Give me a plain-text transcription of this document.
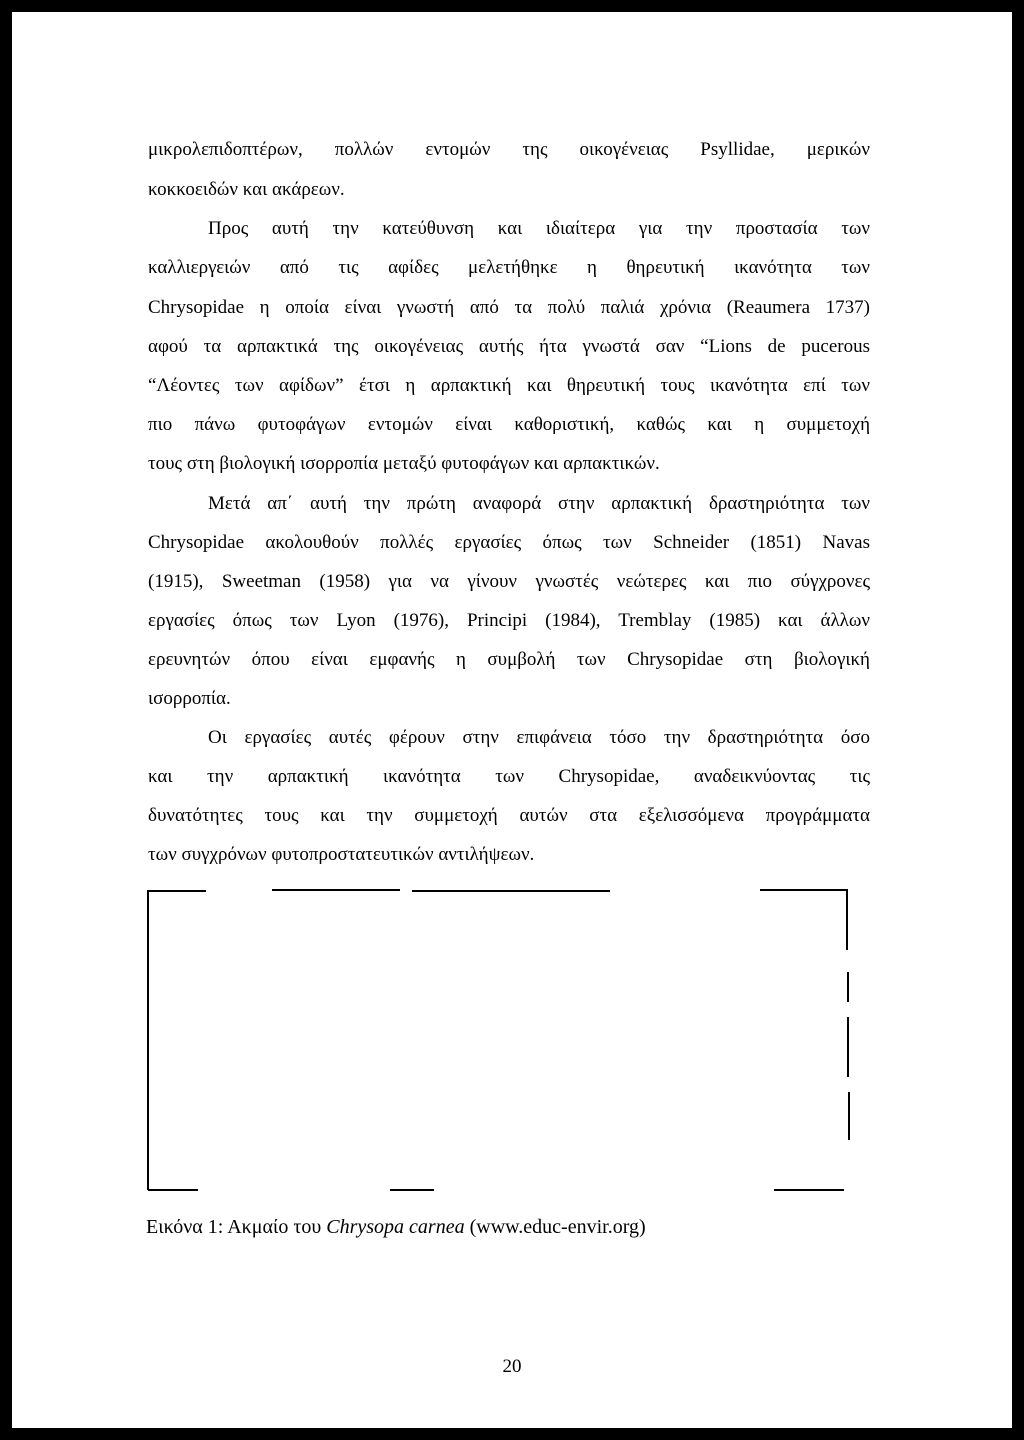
μικρολεπιδοπτέρων, πολλών εντομών της οικογένειας Psyllidae, μερικών
κοκκοειδών και ακάρεων.
Προς αυτή την κατεύθυνση και ιδιαίτερα για την προστασία των
καλλιεργειών από τις αφίδες μελετήθηκε η θηρευτική ικανότητα των
Chrysopidae η οποία είναι γνωστή από τα πολύ παλιά χρόνια (Reaumera 1737)
αφού τα αρπακτικά της οικογένειας αυτής ήτα γνωστά σαν “Lions de pucerous
“Λέοντες των αφίδων” έτσι η αρπακτική και θηρευτική τους ικανότητα επί των
πιο πάνω φυτοφάγων εντομών είναι καθοριστική, καθώς και η συμμετοχή
τους στη βιολογική ισορροπία μεταξύ φυτοφάγων και αρπακτικών.
Μετά απ΄ αυτή την πρώτη αναφορά στην αρπακτική δραστηριότητα των
Chrysopidae ακολουθούν πολλές εργασίες όπως των Schneider (1851) Navas
(1915), Sweetman (1958) για να γίνουν γνωστές νεώτερες και πιο σύγχρονες
εργασίες όπως των Lyon (1976), Principi (1984), Tremblay (1985) και άλλων
ερευνητών όπου είναι εμφανής η συμβολή των Chrysopidae στη βιολογική
ισορροπία.
Οι εργασίες αυτές φέρουν στην επιφάνεια τόσο την δραστηριότητα όσο
και την αρπακτική ικανότητα των Chrysopidae, αναδεικνύοντας τις
δυνατότητες τους και την συμμετοχή αυτών στα εξελισσόμενα προγράμματα
των συγχρόνων φυτοπροστατευτικών αντιλήψεων.
Εικόνα 1: Ακμαίο του Chrysopa carnea (www.educ-envir.org)
20
